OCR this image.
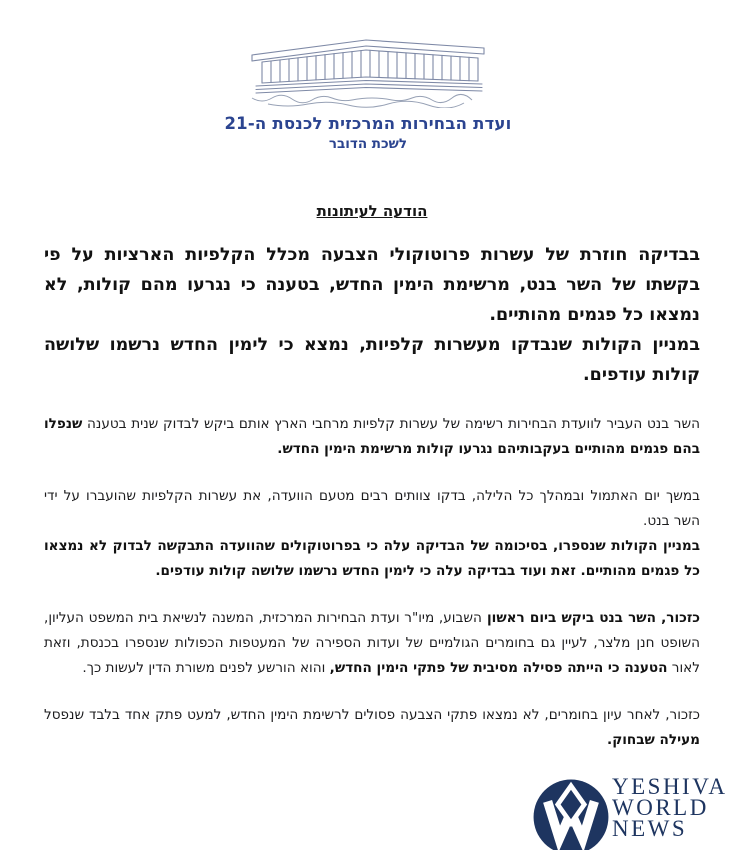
ועדת הבחירות המרכזית לכנסת ה-21
לשכת הדובר
הודעה לעיתונות

בבדיקה חוזרת של עשרות פרוטוקולי הצבעה מכלל הקלפיות הארציות על פי בקשתו של השר בנט, מרשימת הימין החדש, בטענה כי נגרעו מהם קולות, לא נמצאו כל פגמים מהותיים.

במניין הקולות שנבדקו מעשרות קלפיות, נמצא כי לימין החדש נרשמו שלושה קולות עודפים.

השר בנט העביר לוועדת הבחירות רשימה של עשרות קלפיות מרחבי הארץ אותם ביקש לבדוק שנית בטענה שנפלו בהם פגמים מהותיים בעקבותיהם נגרעו קולות מרשימת הימין החדש.

במשך יום האתמול ובמהלך כל הלילה, בדקו צוותים רבים מטעם הוועדה, את עשרות הקלפיות שהועברו על ידי השר בנט.
במניין הקולות שנספרו, בסיכומה של הבדיקה עלה כי בפרוטוקולים שהוועדה התבקשה לבדוק לא נמצאו כל פגמים מהותיים. זאת ועוד בבדיקה עלה כי לימין החדש נרשמו שלושה קולות עודפים.

כזכור, השר בנט ביקש ביום ראשון השבוע, מיו"ר ועדת הבחירות המרכזית, המשנה לנשיאת בית המשפט העליון, השופט חנן מלצר, לעיין גם בחומרים הגולמיים של ועדות הספירה של המעטפות הכפולות שנספרו בכנסת, וזאת לאור הטענה כי הייתה פסילה מסיבית של פתקי הימין החדש, והוא הורשע לפנים משורת הדין לעשות כך.

כזכור, לאחר עיון בחומרים, לא נמצאו פתקי הצבעה פסולים לרשימת הימין החדש, למעט פתק אחד בלבד שנפסל מעילה שבחוק.

YESHIVA
WORLD
NEWS
